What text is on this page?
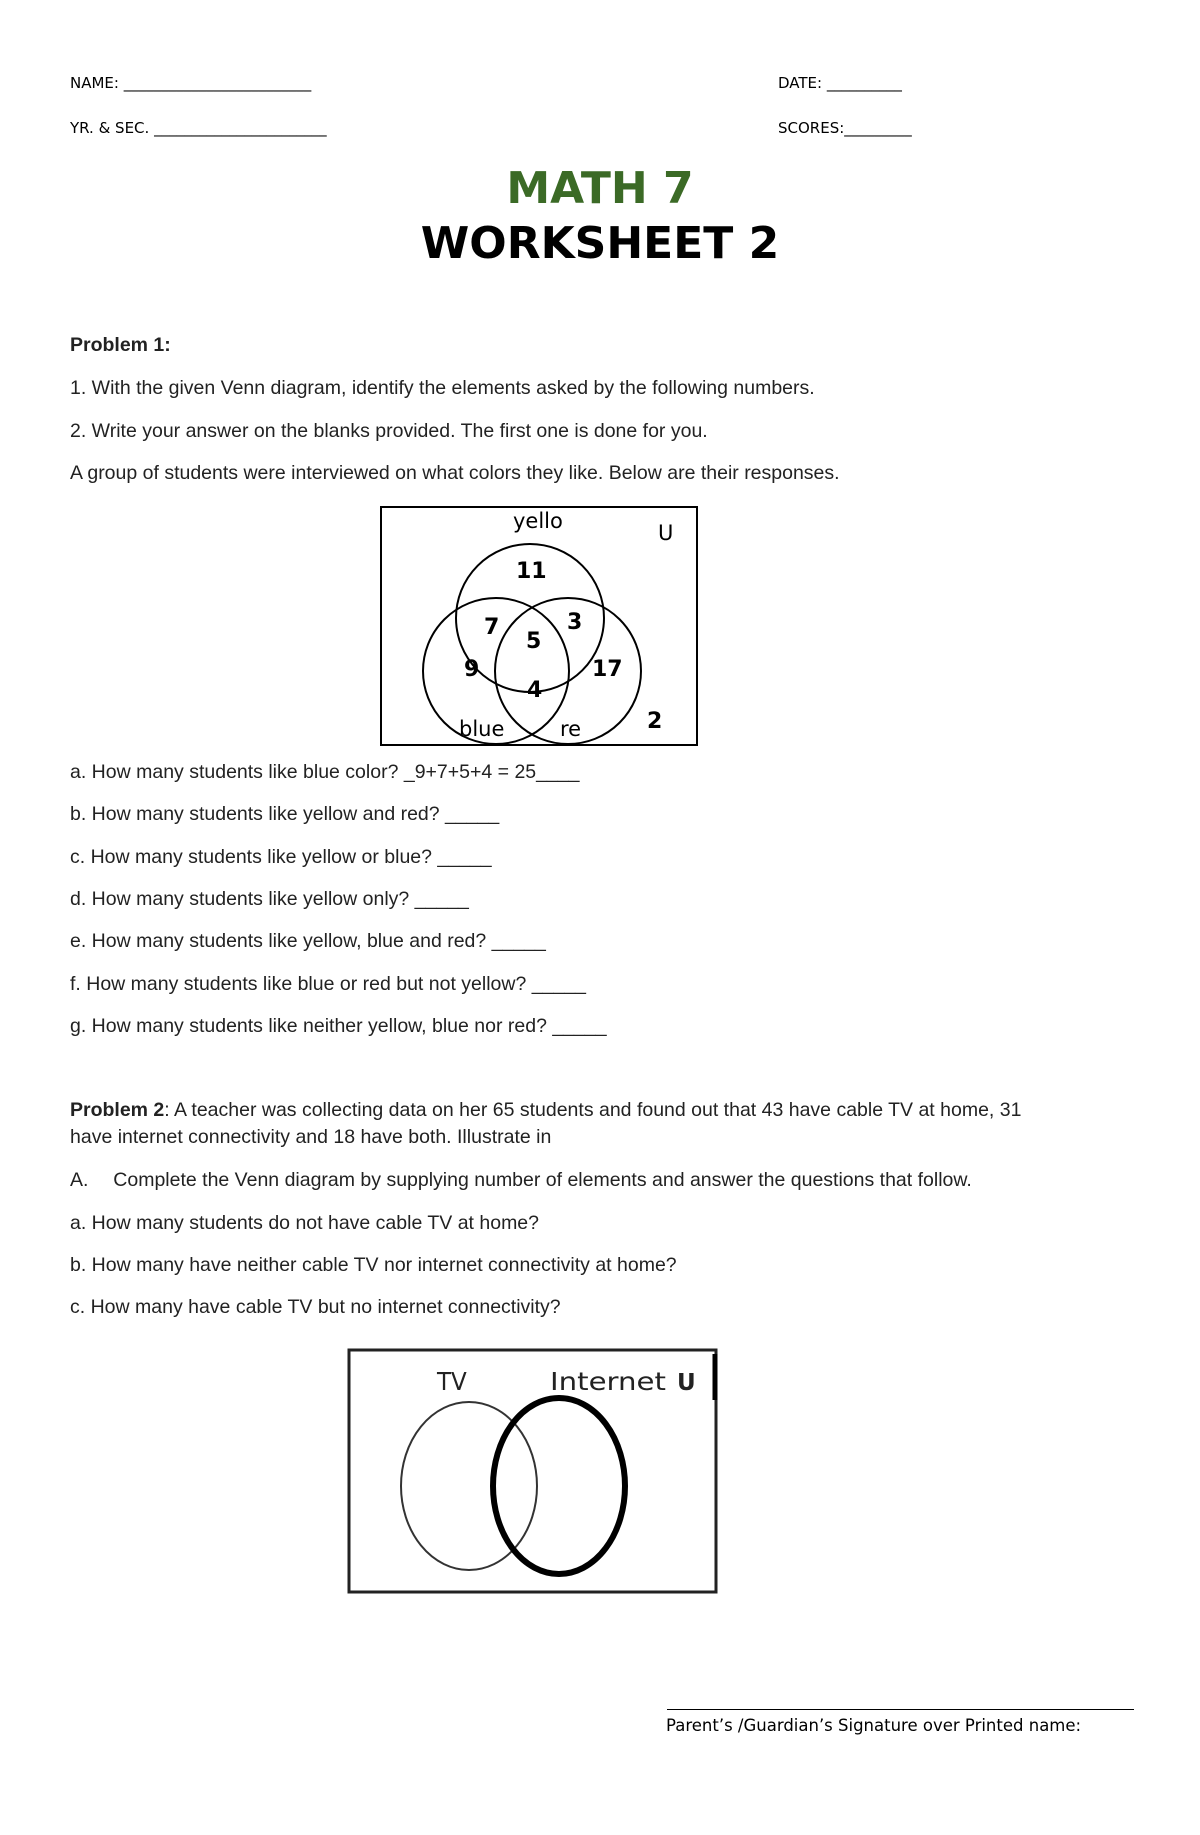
NAME: _________________________	DATE: __________
YR. & SEC. _______________________	SCORES:_________
MATH 7
WORKSHEET 2
Problem 1:
1. With the given Venn diagram, identify the elements asked by the following numbers.
2. Write your answer on the blanks provided. The first one is done for you.
A group of students were interviewed on what colors they like. Below are their responses.
yello	U
blue	re
11
7	3
5
9
4
17
2
a. How many students like blue color? _9+7+5+4 = 25____
b. How many students like yellow and red? _____
c. How many students like yellow or blue? _____
d. How many students like yellow only? _____
e. How many students like yellow, blue and red? _____
f. How many students like blue or red but not yellow? _____
g. How many students like neither yellow, blue nor red? _____
Problem 2: A teacher was collecting data on her 65 students and found out that 43 have cable TV at home, 31
have internet connectivity and 18 have both. Illustrate in
A. Complete the Venn diagram by supplying number of elements and answer the questions that follow.
a. How many students do not have cable TV at home?
b. How many have neither cable TV nor internet connectivity at home?
c. How many have cable TV but no internet connectivity?
TV	Internet U
Parent’s /Guardian’s Signature over Printed name:
